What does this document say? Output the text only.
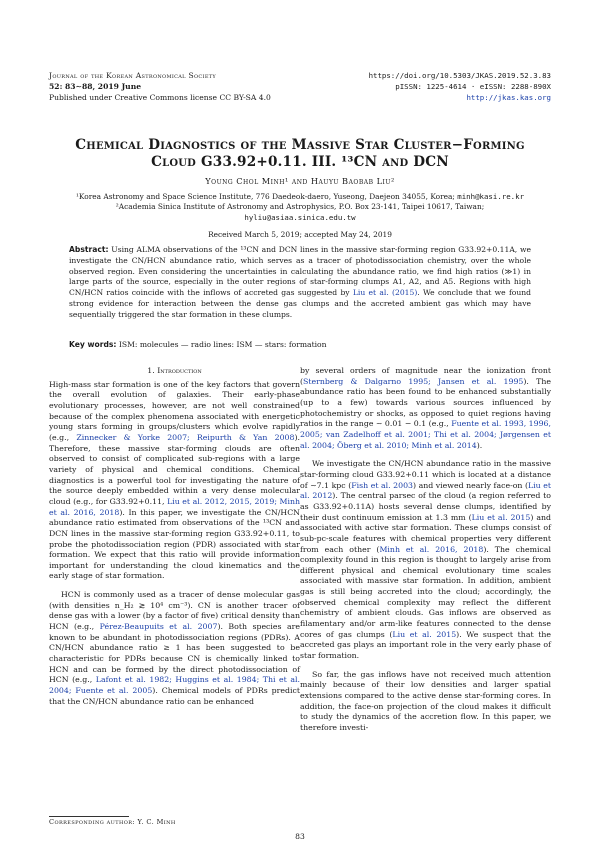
Journal of the Korean Astronomical Society
52: 83∼88, 2019 June
Published under Creative Commons license CC BY-SA 4.0
https://doi.org/10.5303/JKAS.2019.52.3.83
pISSN: 1225-4614 · eISSN: 2288-890X
http://jkas.kas.org
Chemical Diagnostics of the Massive Star Cluster−Forming
Cloud G33.92+0.11. III. ¹³CN and DCN
Young Chol Minh¹ and Hauyu Baobab Liu²
¹Korea Astronomy and Space Science Institute, 776 Daedeok-daero, Yuseong, Daejeon 34055, Korea; minh@kasi.re.kr
²Academia Sinica Institute of Astronomy and Astrophysics, P.O. Box 23-141, Taipei 10617, Taiwan;
hyliu@asiaa.sinica.edu.tw
Received March 5, 2019; accepted May 24, 2019
Abstract: Using ALMA observations of the ¹³CN and DCN lines in the massive star-forming region G33.92+0.11A, we investigate the CN/HCN abundance ratio, which serves as a tracer of photodissociation chemistry, over the whole observed region. Even considering the uncertainties in calculating the abundance ratio, we find high ratios (≫1) in large parts of the source, especially in the outer regions of star-forming clumps A1, A2, and A5. Regions with high CN/HCN ratios coincide with the inflows of accreted gas suggested by Liu et al. (2015). We conclude that we found strong evidence for interaction between the dense gas clumps and the accreted ambient gas which may have sequentially triggered the star formation in these clumps.
Key words: ISM: molecules — radio lines: ISM — stars: formation
1. Introduction

High-mass star formation is one of the key factors that govern the overall evolution of galaxies. Their early-phase evolutionary processes, however, are not well constrained because of the complex phenomena associated with energetic young stars forming in groups/clusters which evolve rapidly (e.g., Zinnecker & Yorke 2007; Reipurth & Yan 2008). Therefore, these massive star-forming clouds are often observed to consist of complicated sub-regions with a large variety of physical and chemical conditions. Chemical diagnostics is a powerful tool for investigating the nature of the source deeply embedded within a very dense molecular cloud (e.g., for G33.92+0.11, Liu et al. 2012, 2015, 2019; Minh et al. 2016, 2018). In this paper, we investigate the CN/HCN abundance ratio estimated from observations of the ¹³CN and DCN lines in the massive star-forming region G33.92+0.11, to probe the photodissociation region (PDR) associated with star formation. We expect that this ratio will provide information important for understanding the cloud kinematics and the early stage of star formation.

HCN is commonly used as a tracer of dense molecular gas (with densities n_H₂ ≳ 10⁴ cm⁻³). CN is another tracer of dense gas with a lower (by a factor of five) critical density than HCN (e.g., Pérez-Beaupuits et al. 2007). Both species are known to be abundant in photodissociation regions (PDRs). A CN/HCN abundance ratio ≥ 1 has been suggested to be characteristic for PDRs because CN is chemically linked to HCN and can be formed by the direct photodissociation of HCN (e.g., Lafont et al. 1982; Huggins et al. 1984; Thi et al. 2004; Fuente et al. 2005). Chemical models of PDRs predict that the CN/HCN abundance ratio can be enhanced

by several orders of magnitude near the ionization front (Sternberg & Dalgarno 1995; Jansen et al. 1995). The abundance ratio has been found to be enhanced substantially (up to a few) towards various sources influenced by photochemistry or shocks, as opposed to quiet regions having ratios in the range ∼ 0.01 − 0.1 (e.g., Fuente et al. 1993, 1996, 2005; van Zadelhoff et al. 2001; Thi et al. 2004; Jørgensen et al. 2004; Öberg et al. 2010; Minh et al. 2014).

We investigate the CN/HCN abundance ratio in the massive star-forming cloud G33.92+0.11 which is located at a distance of ∼7.1 kpc (Fish et al. 2003) and viewed nearly face-on (Liu et al. 2012). The central parsec of the cloud (a region referred to as G33.92+0.11A) hosts several dense clumps, identified by their dust continuum emission at 1.3 mm (Liu et al. 2015) and associated with active star formation. These clumps consist of sub-pc-scale features with chemical properties very different from each other (Minh et al. 2016, 2018). The chemical complexity found in this region is thought to largely arise from different physical and chemical evolutionary time scales associated with massive star formation. In addition, ambient gas is still being accreted into the cloud; accordingly, the observed chemical complexity may reflect the different chemistry of ambient clouds. Gas inflows are observed as filamentary and/or arm-like features connected to the dense cores of gas clumps (Liu et al. 2015). We suspect that the accreted gas plays an important role in the very early phase of star formation.

So far, the gas inflows have not received much attention mainly because of their low densities and larger spatial extensions compared to the active dense star-forming cores. In addition, the face-on projection of the cloud makes it difficult to study the dynamics of the accretion flow. In this paper, we therefore investi-

Corresponding author: Y. C. Minh
83
